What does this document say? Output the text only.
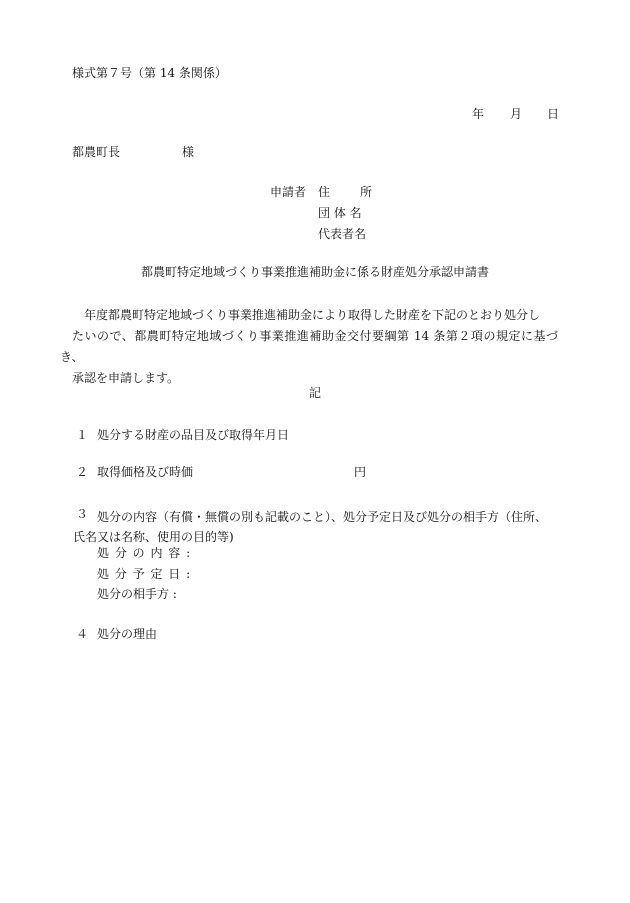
様式第７号（第 14 条関係）
年 月 日
都農町長	様
申請者 住　　所
団 体 名
代表者名
都農町特定地域づくり事業推進補助金に係る財産処分承認申請書

年度都農町特定地域づくり事業推進補助金により取得した財産を下記のとおり処分し
たいので、都農町特定地域づくり事業推進補助金交付要綱第 14 条第２項の規定に基づき、
承認を申請します。

記
１ 処分する財産の品目及び取得年月日
２ 取得価格及び時価	円
３ 処分の内容（有償・無償の別も記載のこと）、処分予定日及び処分の相手方（住所、
氏名又は名称、使用の目的等)

処 分 の 内 容 :
処 分 予 定 日 :
処分の相手方 :
４ 処分の理由
